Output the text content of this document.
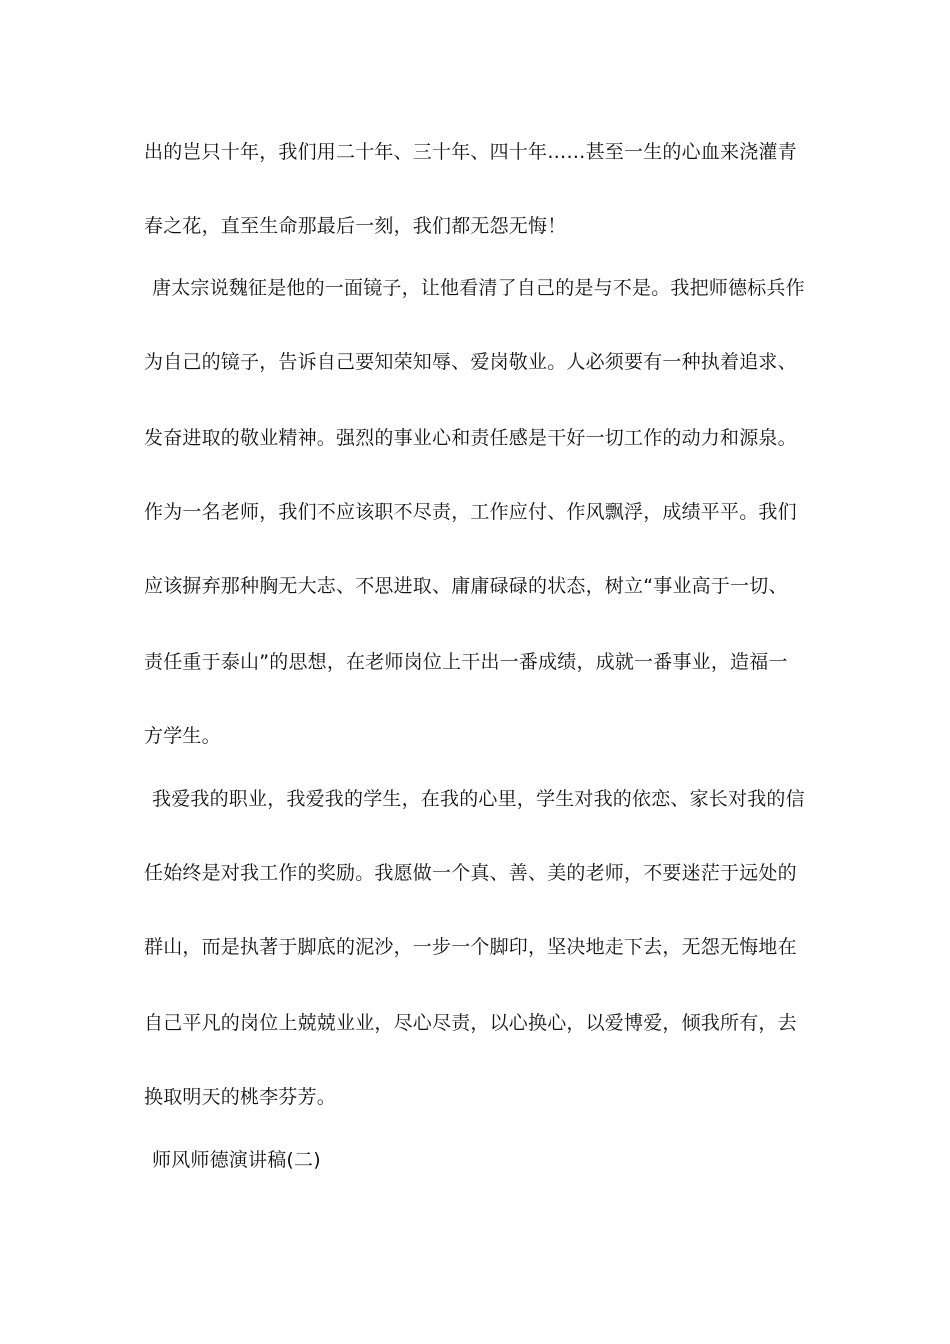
出的岂只十年，我们用二十年、三十年、四十年……甚至一生的心血来浇灌青
春之花，直至生命那最后一刻，我们都无怨无悔！
唐太宗说魏征是他的一面镜子，让他看清了自己的是与不是。我把师德标兵作
为自己的镜子，告诉自己要知荣知辱、爱岗敬业。人必须要有一种执着追求、
发奋进取的敬业精神。强烈的事业心和责任感是干好一切工作的动力和源泉。
作为一名老师，我们不应该职不尽责，工作应付、作风飘浮，成绩平平。我们
应该摒弃那种胸无大志、不思进取、庸庸碌碌的状态，树立“事业高于一切、
责任重于泰山”的思想，在老师岗位上干出一番成绩，成就一番事业，造福一
方学生。
我爱我的职业，我爱我的学生，在我的心里，学生对我的依恋、家长对我的信
任始终是对我工作的奖励。我愿做一个真、善、美的老师，不要迷茫于远处的
群山，而是执著于脚底的泥沙，一步一个脚印，坚决地走下去，无怨无悔地在
自己平凡的岗位上兢兢业业，尽心尽责，以心换心，以爱博爱，倾我所有，去
换取明天的桃李芬芳。
师风师德演讲稿(二)
